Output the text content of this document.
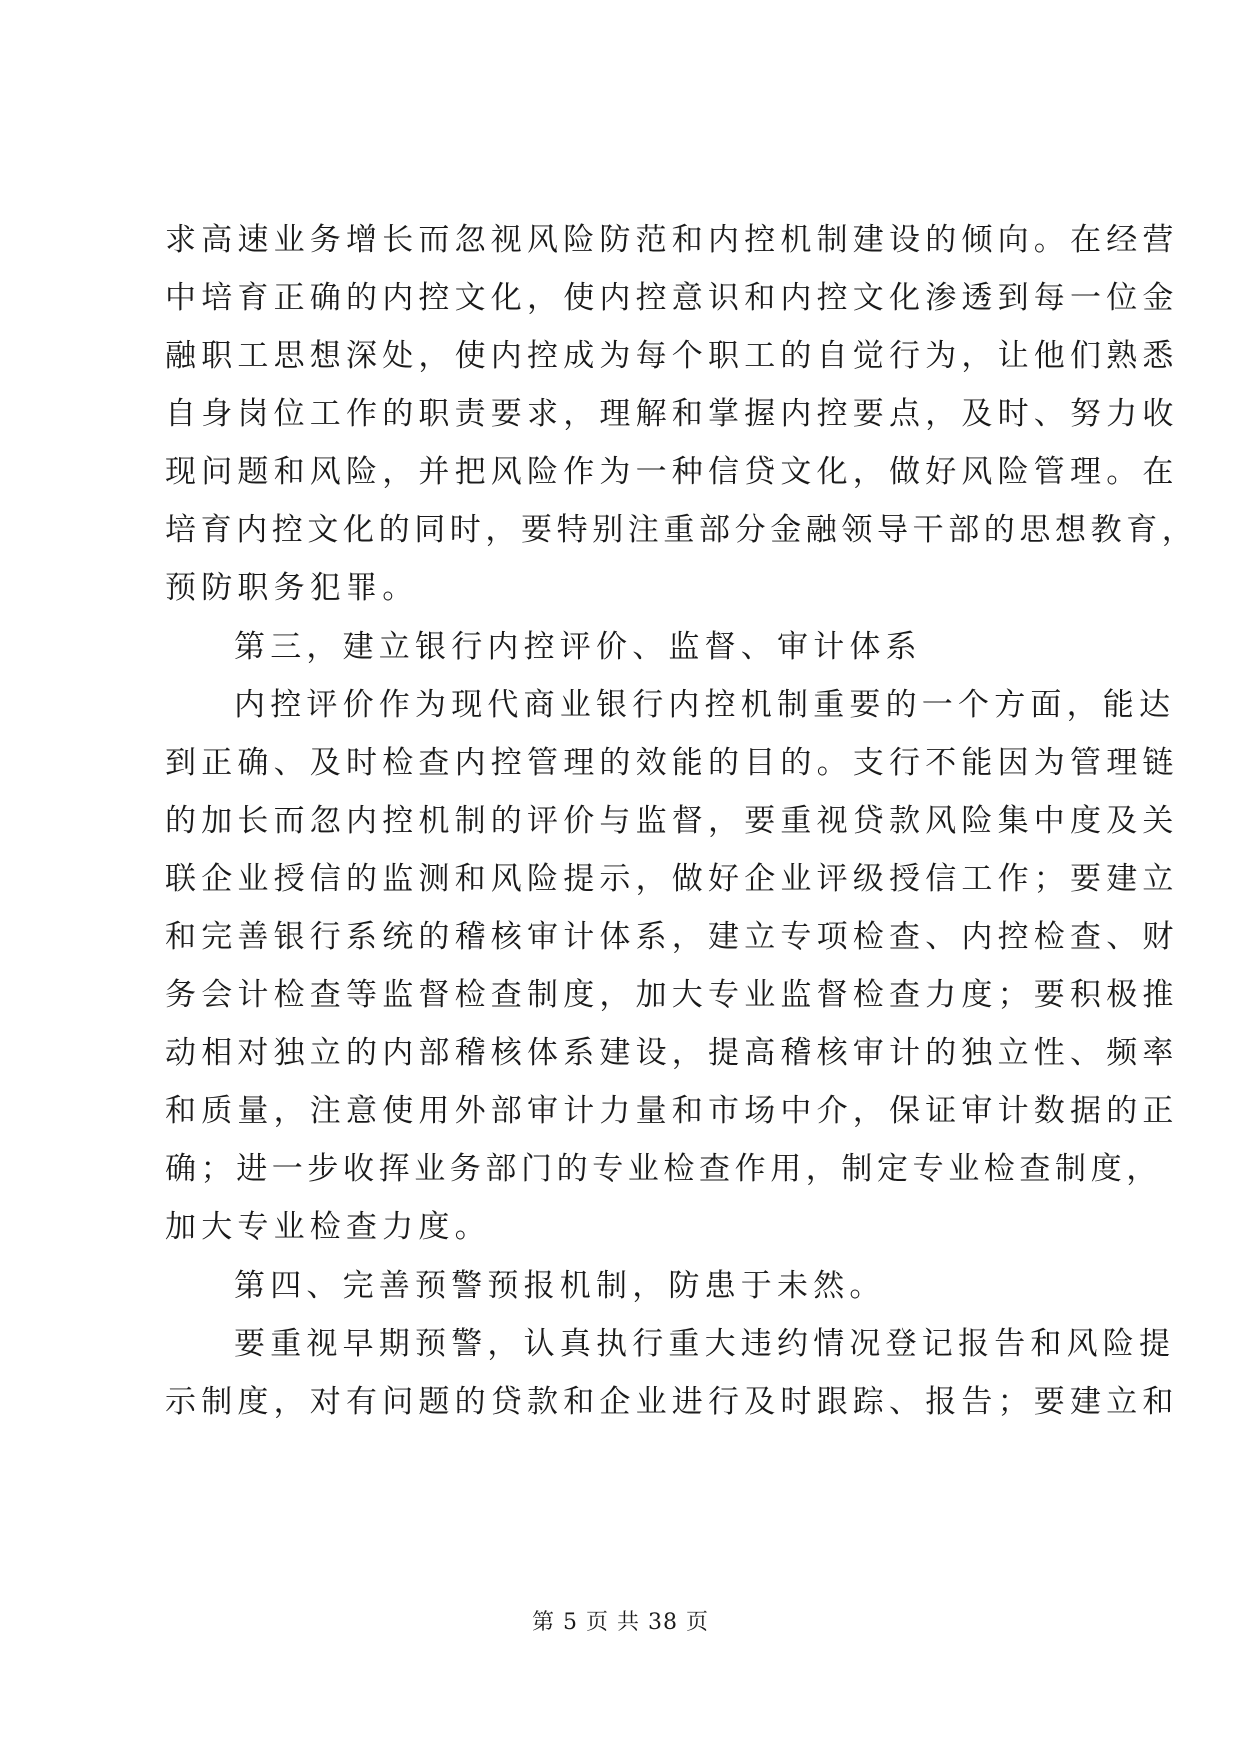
求高速业务增长而忽视风险防范和内控机制建设的倾向。在经营
中培育正确的内控文化，使内控意识和内控文化渗透到每一位金
融职工思想深处，使内控成为每个职工的自觉行为，让他们熟悉
自身岗位工作的职责要求，理解和掌握内控要点，及时、努力收
现问题和风险，并把风险作为一种信贷文化，做好风险管理。在
培育内控文化的同时，要特别注重部分金融领导干部的思想教育，
预防职务犯罪。
第三，建立银行内控评价、监督、审计体系
内控评价作为现代商业银行内控机制重要的一个方面，能达
到正确、及时检查内控管理的效能的目的。支行不能因为管理链
的加长而忽内控机制的评价与监督，要重视贷款风险集中度及关
联企业授信的监测和风险提示，做好企业评级授信工作；要建立
和完善银行系统的稽核审计体系，建立专项检查、内控检查、财
务会计检查等监督检查制度，加大专业监督检查力度；要积极推
动相对独立的内部稽核体系建设，提高稽核审计的独立性、频率
和质量，注意使用外部审计力量和市场中介，保证审计数据的正
确；进一步收挥业务部门的专业检查作用，制定专业检查制度，
加大专业检查力度。
第四、完善预警预报机制，防患于未然。
要重视早期预警，认真执行重大违约情况登记报告和风险提
示制度，对有问题的贷款和企业进行及时跟踪、报告；要建立和
第 5 页 共 38 页
